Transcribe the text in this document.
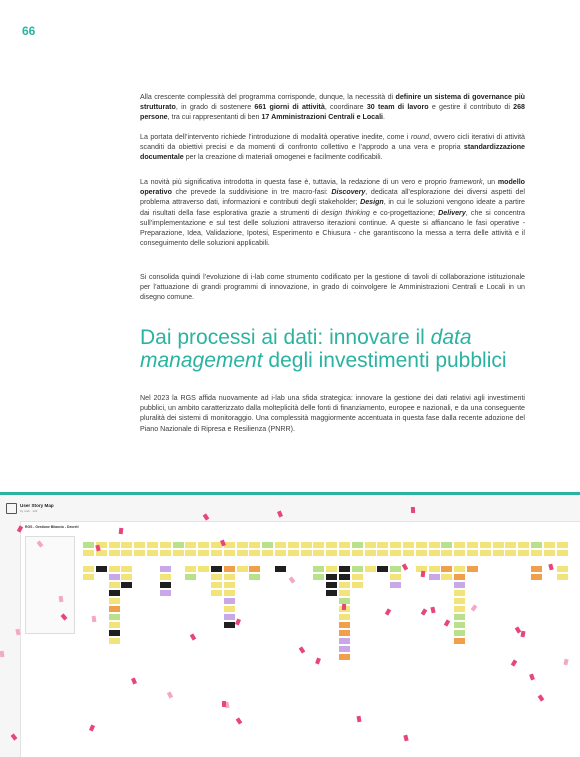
66

Alla crescente complessità del programma corrisponde, dunque, la necessità di definire un sistema di governance più strutturato, in grado di sostenere 661 giorni di attività, coordinare 30 team di lavoro e gestire il contributo di 268 persone, tra cui rappresentanti di ben 17 Amministrazioni Centrali e Locali.

La portata dell’intervento richiede l’introduzione di modalità operative inedite, come i round, ovvero cicli iterativi di attività scanditi da obiettivi precisi e da momenti di confronto collettivo e l’approdo a una vera e propria standardizzazione documentale per la creazione di materiali omogenei e facilmente codificabili.

La novità più significativa introdotta in questa fase è, tuttavia, la redazione di un vero e proprio framework, un modello operativo che prevede la suddivisione in tre macro-fasi: Discovery, dedicata all’esplorazione dei diversi aspetti del problema attraverso dati, informazioni e contributi degli stakeholder; Design, in cui le soluzioni vengono ideate a partire dai risultati della fase esplorativa grazie a strumenti di design thinking e co-progettazione; Delivery, che si concentra sull’implementazione e sul test delle soluzioni attraverso iterazioni continue. A queste si affiancano le fasi operative - Preparazione, Idea, Validazione, Ipotesi, Esperimento e Chiusura - che garantiscono la messa a terra delle attività e il conseguimento delle soluzioni applicabili.

Si consolida quindi l’evoluzione di i-lab come strumento codificato per la gestione di tavoli di collaborazione istituzionale per l’attuazione di grandi programmi di innovazione, in grado di coinvolgere le Amministrazioni Centrali e Locali in un disegno comune.

Dai processi ai dati: innovare il data management degli investimenti pubblici

Nel 2023 la RGS affida nuovamente ad i-lab una sfida strategica: innovare la gestione dei dati relativi agli investimenti pubblici, un ambito caratterizzato dalla molteplicità delle fonti di finanziamento, europee e nazionali, e da una conseguente pluralità dei sistemi di monitoraggio. Una complessità maggiormente accentuata in questa fase dalla recente adozione del Piano Nazionale di Ripresa e Resilienza (PNRR).

User Story Map
by i-lab · 123
RGS - Gestione Bilancio - Decreti
